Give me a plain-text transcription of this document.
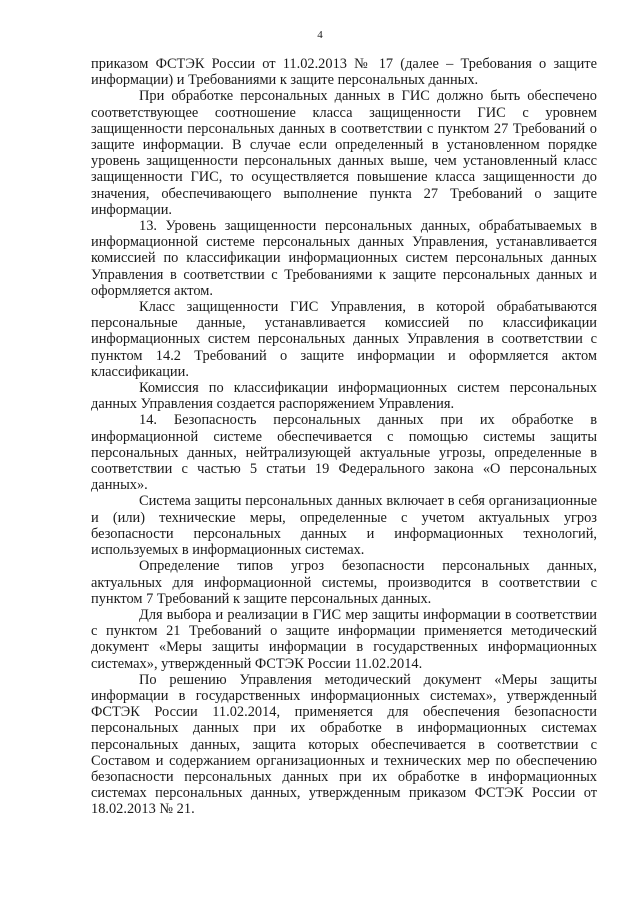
4

приказом ФСТЭК России от 11.02.2013 № 17 (далее – Требования о защите информации) и Требованиями к защите персональных данных.

При обработке персональных данных в ГИС должно быть обеспечено соответствующее соотношение класса защищенности ГИС с уровнем защищенности персональных данных в соответствии с пунктом 27 Требований о защите информации. В случае если определенный в установленном порядке уровень защищенности персональных данных выше, чем установленный класс защищенности ГИС, то осуществляется повышение класса защищенности до значения, обеспечивающего выполнение пункта 27 Требований о защите информации.

13. Уровень защищенности персональных данных, обрабатываемых в информационной системе персональных данных Управления, устанавливается комиссией по классификации информационных систем персональных данных Управления в соответствии с Требованиями к защите персональных данных и оформляется актом.

Класс защищенности ГИС Управления, в которой обрабатываются персональные данные, устанавливается комиссией по классификации информационных систем персональных данных Управления в соответствии с пунктом 14.2 Требований о защите информации и оформляется актом классификации.

Комиссия по классификации информационных систем персональных данных Управления создается распоряжением Управления.

14. Безопасность персональных данных при их обработке в информационной системе обеспечивается с помощью системы защиты персональных данных, нейтрализующей актуальные угрозы, определенные в соответствии с частью 5 статьи 19 Федерального закона «О персональных данных».

Система защиты персональных данных включает в себя организационные и (или) технические меры, определенные с учетом актуальных угроз безопасности персональных данных и информационных технологий, используемых в информационных системах.

Определение типов угроз безопасности персональных данных, актуальных для информационной системы, производится в соответствии с пунктом 7 Требований к защите персональных данных.

Для выбора и реализации в ГИС мер защиты информации в соответствии с пунктом 21 Требований о защите информации применяется методический документ «Меры защиты информации в государственных информационных системах», утвержденный ФСТЭК России 11.02.2014.

По решению Управления методический документ «Меры защиты информации в государственных информационных системах», утвержденный ФСТЭК России 11.02.2014, применяется для обеспечения безопасности персональных данных при их обработке в информационных системах персональных данных, защита которых обеспечивается в соответствии с Составом и содержанием организационных и технических мер по обеспечению безопасности персональных данных при их обработке в информационных системах персональных данных, утвержденным приказом ФСТЭК России от 18.02.2013 № 21.
